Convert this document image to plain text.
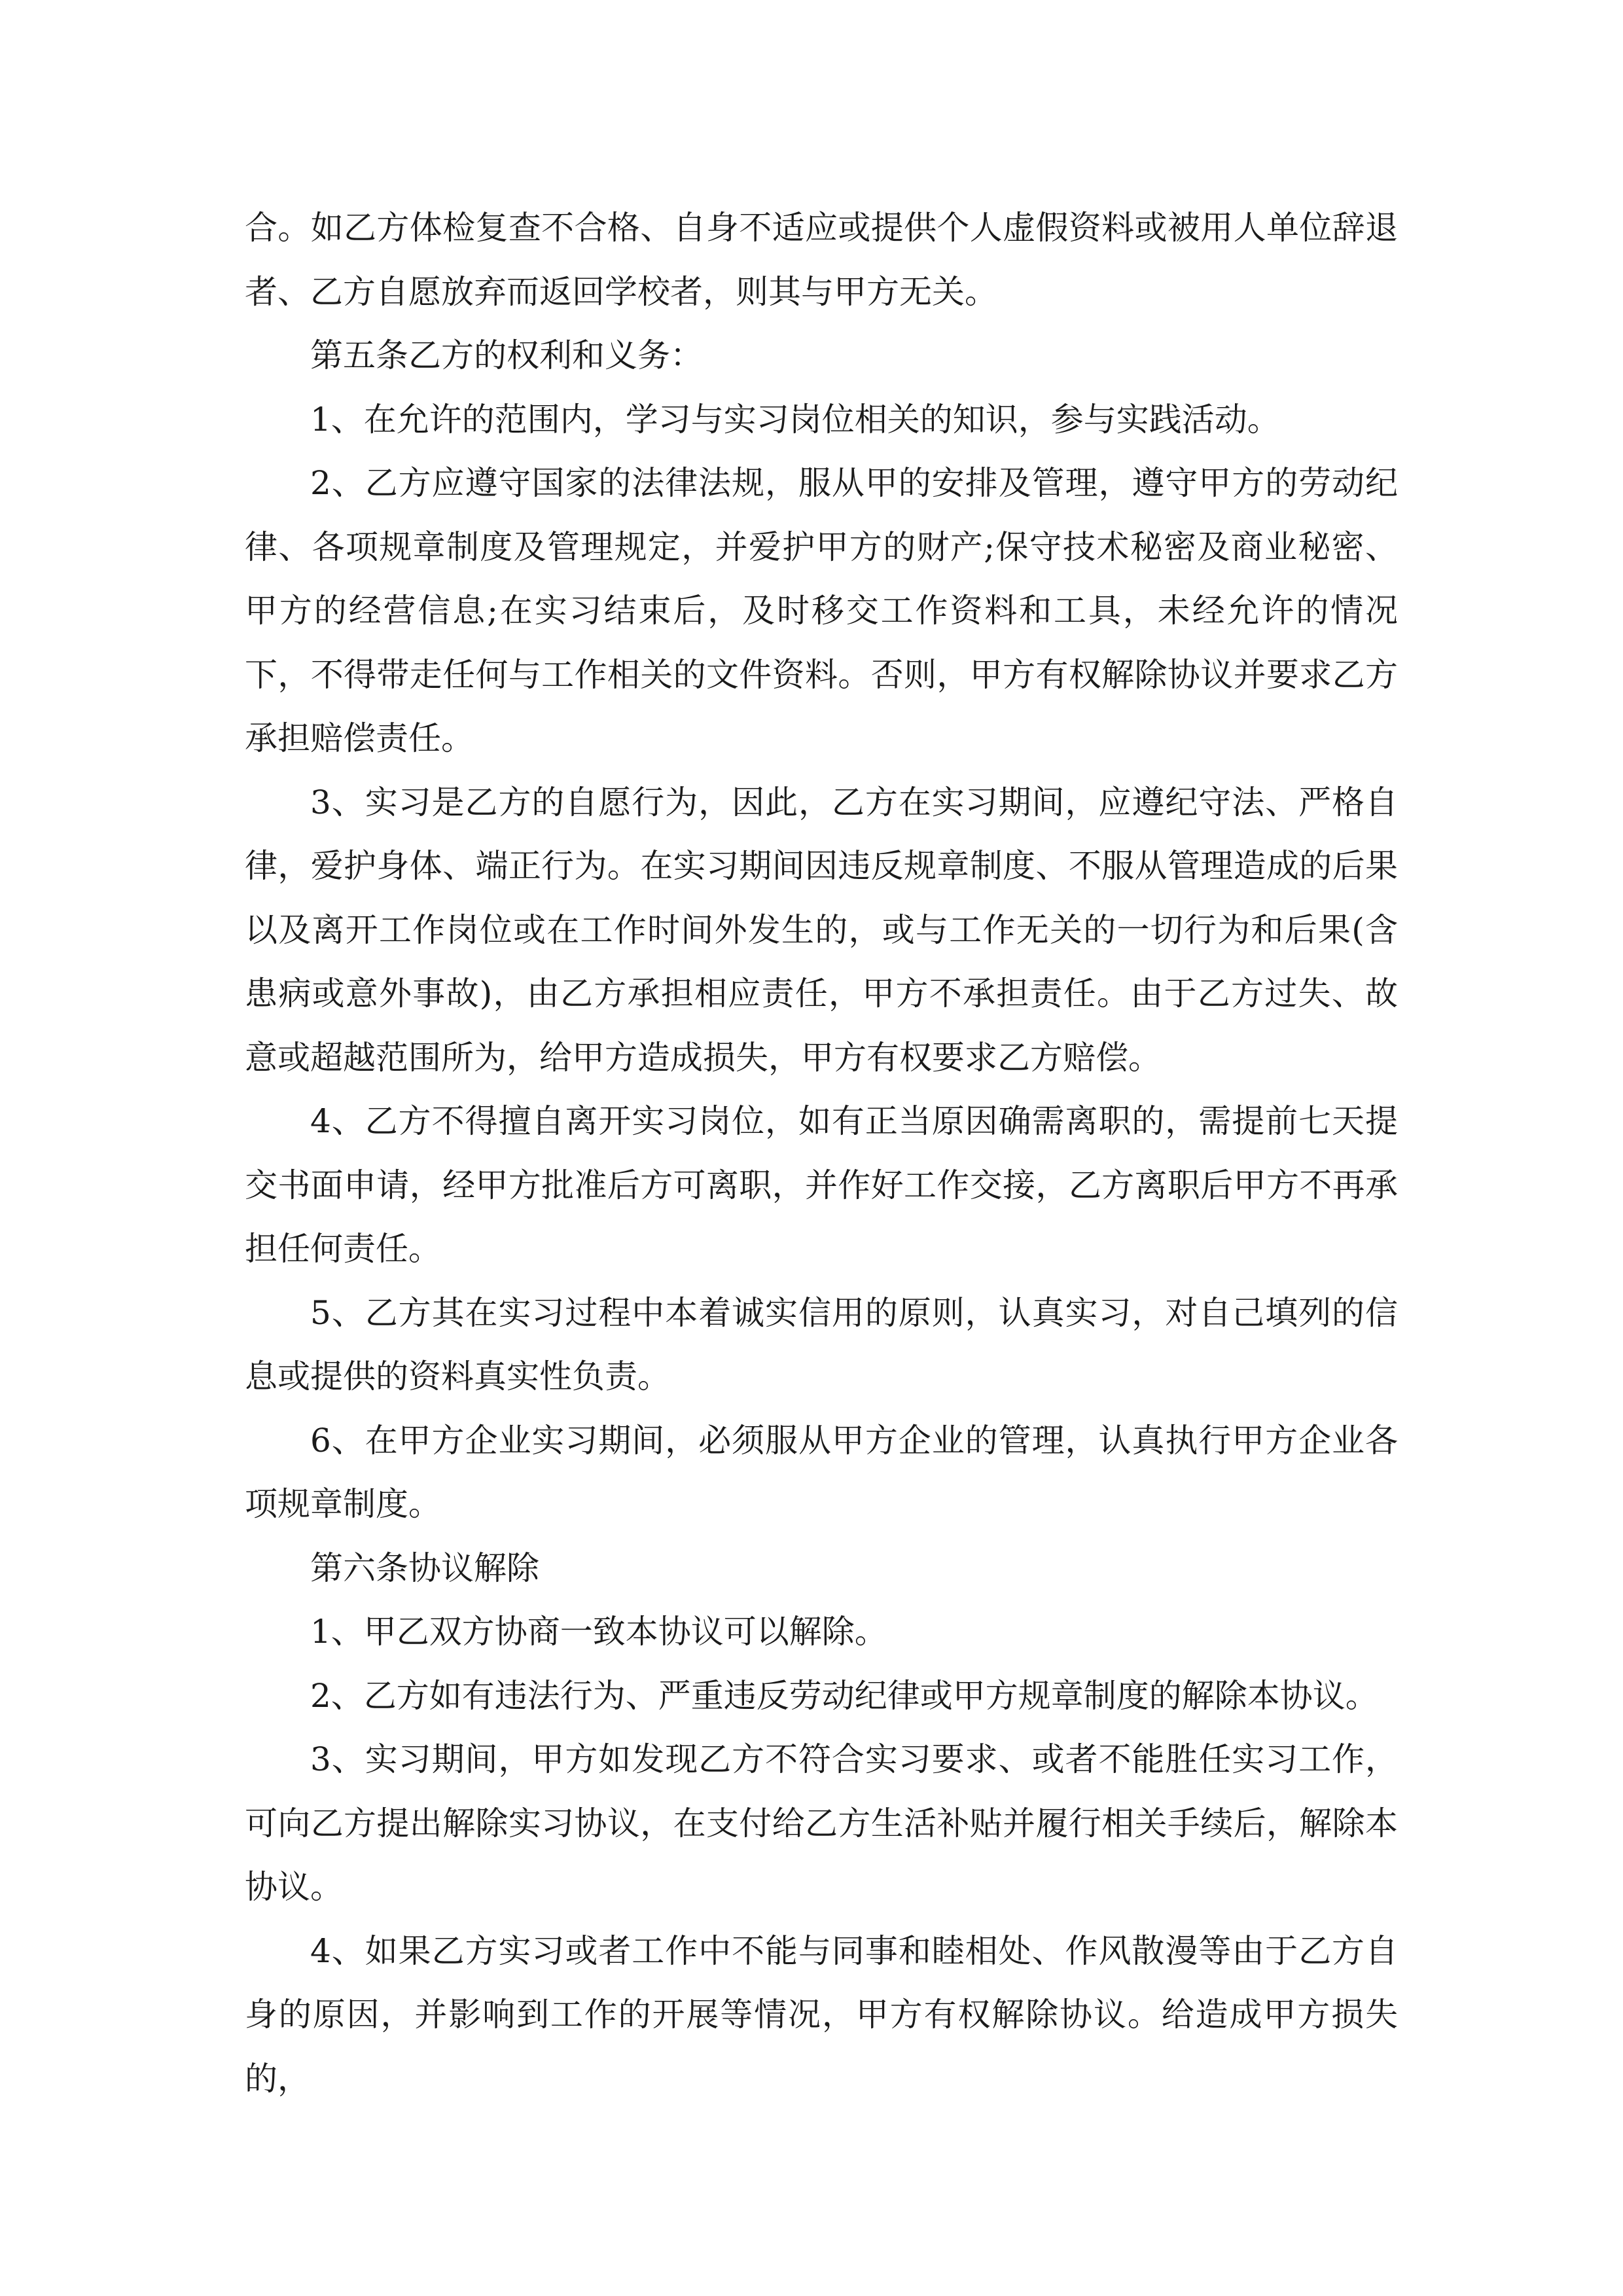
合。如乙方体检复查不合格、自身不适应或提供个人虚假资料或被用人单位辞退者、乙方自愿放弃而返回学校者，则其与甲方无关。

第五条乙方的权利和义务：

1、在允许的范围内，学习与实习岗位相关的知识，参与实践活动。

2、乙方应遵守国家的法律法规，服从甲的安排及管理，遵守甲方的劳动纪律、各项规章制度及管理规定，并爱护甲方的财产;保守技术秘密及商业秘密、甲方的经营信息;在实习结束后，及时移交工作资料和工具，未经允许的情况下，不得带走任何与工作相关的文件资料。否则，甲方有权解除协议并要求乙方承担赔偿责任。

3、实习是乙方的自愿行为，因此，乙方在实习期间，应遵纪守法、严格自律，爱护身体、端正行为。在实习期间因违反规章制度、不服从管理造成的后果以及离开工作岗位或在工作时间外发生的，或与工作无关的一切行为和后果(含患病或意外事故)，由乙方承担相应责任，甲方不承担责任。由于乙方过失、故意或超越范围所为，给甲方造成损失，甲方有权要求乙方赔偿。

4、乙方不得擅自离开实习岗位，如有正当原因确需离职的，需提前七天提交书面申请，经甲方批准后方可离职，并作好工作交接，乙方离职后甲方不再承担任何责任。

5、乙方其在实习过程中本着诚实信用的原则，认真实习，对自己填列的信息或提供的资料真实性负责。

6、在甲方企业实习期间，必须服从甲方企业的管理，认真执行甲方企业各项规章制度。

第六条协议解除

1、甲乙双方协商一致本协议可以解除。

2、乙方如有违法行为、严重违反劳动纪律或甲方规章制度的解除本协议。

3、实习期间，甲方如发现乙方不符合实习要求、或者不能胜任实习工作，可向乙方提出解除实习协议，在支付给乙方生活补贴并履行相关手续后，解除本协议。

4、如果乙方实习或者工作中不能与同事和睦相处、作风散漫等由于乙方自身的原因，并影响到工作的开展等情况，甲方有权解除协议。给造成甲方损失的，
